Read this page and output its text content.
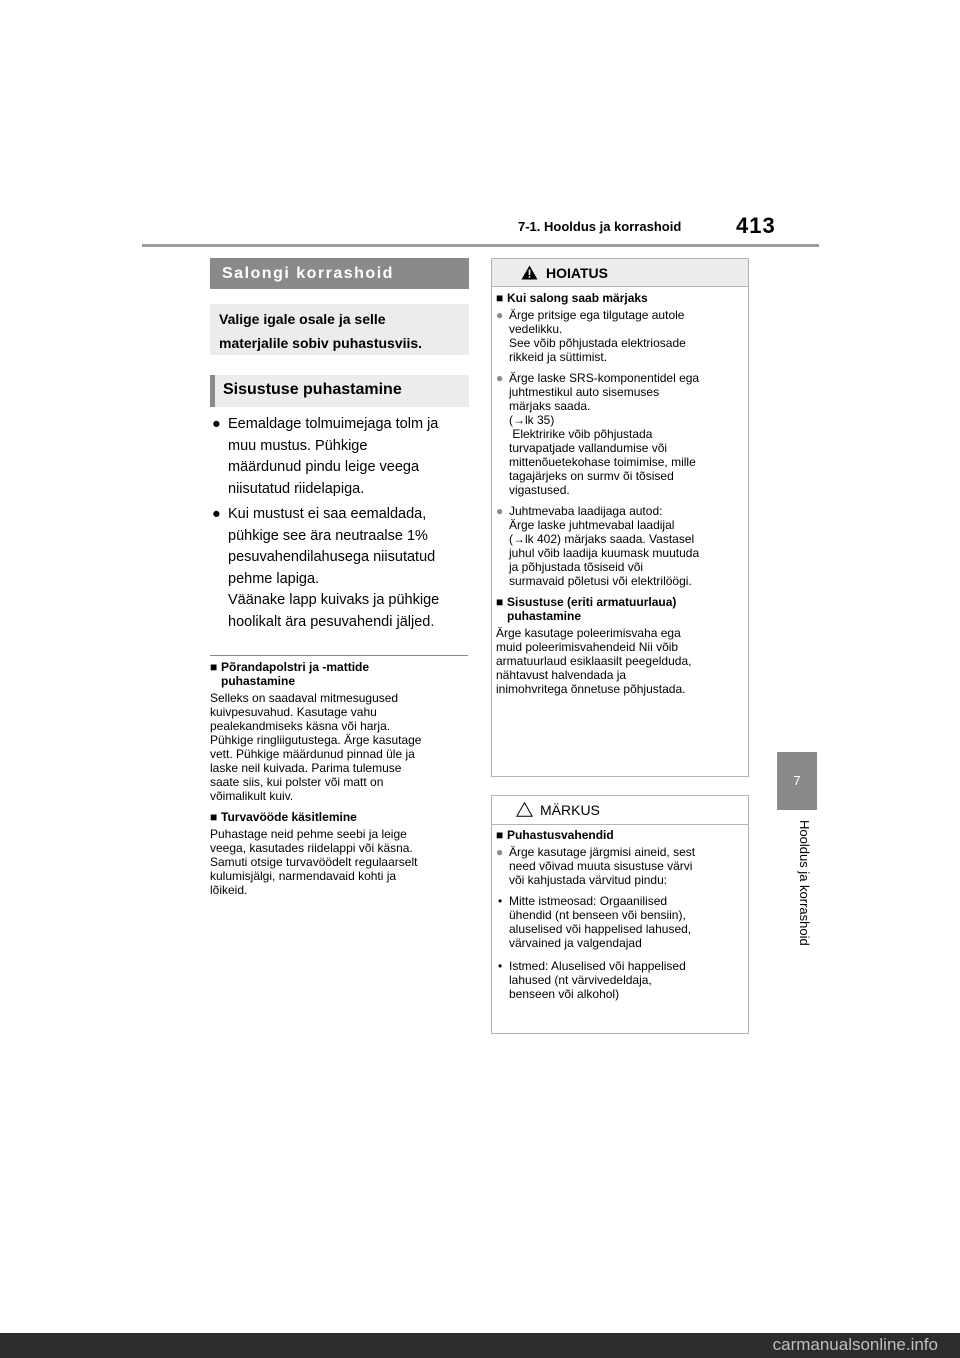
7-1. Hooldus ja korrashoid 413
7
Hooldus ja korrashoid
Salongi korrashoid
Valige igale osale ja selle
materjalile sobiv puhastusviis.
Sisustuse puhastamine
● Eemaldage tolmuimejaga tolm ja
muu mustus. Pühkige
määrdunud pindu leige veega
niisutatud riidelapiga.
● Kui mustust ei saa eemaldada,
pühkige see ära neutraalse 1%
pesuvahendilahusega niisutatud
pehme lapiga.
Väänake lapp kuivaks ja pühkige
hoolikalt ära pesuvahendi jäljed.
■ Põrandapolstri ja -mattide
puhastamine

Selleks on saadaval mitmesugused
kuivpesuvahud. Kasutage vahu
pealekandmiseks käsna või harja.
Pühkige ringliigutustega. Ärge kasutage
vett. Pühkige määrdunud pinnad üle ja
laske neil kuivada. Parima tulemuse
saate siis, kui polster või matt on
võimalikult kuiv.

■ Turvavööde käsitlemine

Puhastage neid pehme seebi ja leige
veega, kasutades riidelappi või käsna.
Samuti otsige turvavöödelt regulaarselt
kulumisjälgi, narmendavaid kohti ja
lõikeid.

HOIATUS
■ Kui salong saab märjaks
● Ärge pritsige ega tilgutage autole
vedelikku.
See võib põhjustada elektriosade
rikkeid ja süttimist.
● Ärge laske SRS-komponentidel ega
juhtmestikul auto sisemuses
märjaks saada.
(→lk 35)
Elektririke võib põhjustada
turvapatjade vallandumise või
mittenõuetekohase toimimise, mille
tagajärjeks on surmv õi tõsised
vigastused.
● Juhtmevaba laadijaga autod:
Ärge laske juhtmevabal laadijal
(→lk 402) märjaks saada. Vastasel
juhul võib laadija kuumask muutuda
ja põhjustada tõsiseid või
surmavaid põletusi või elektrilöögi.
■ Sisustuse (eriti armatuurlaua)
puhastamine
Ärge kasutage poleerimisvaha ega
muid poleerimisvahendeid Nii võib
armatuurlaud esiklaasilt peegelduda,
nähtavust halvendada ja
inimohvritega õnnetuse põhjustada.
MÄRKUS
■ Puhastusvahendid
● Ärge kasutage järgmisi aineid, sest
need võivad muuta sisustuse värvi
või kahjustada värvitud pindu:
• Mitte istmeosad: Orgaanilised
ühendid (nt benseen või bensiin),
aluselised või happelised lahused,
värvained ja valgendajad
• Istmed: Aluselised või happelised
lahused (nt värvivedeldaja,
benseen või alkohol)
carmanualsonline.info
